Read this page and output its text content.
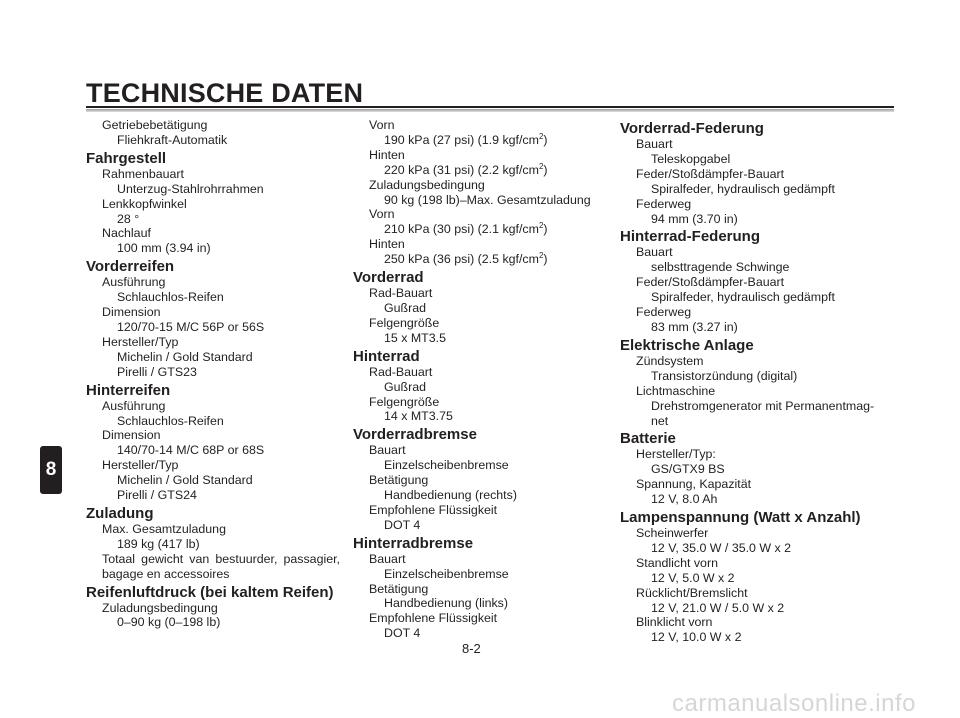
TECHNISCHE DATEN
8
Getriebebetätigung
Fliehkraft-Automatik
Fahrgestell
Rahmenbauart
Unterzug-Stahlrohrrahmen
Lenkkopfwinkel
28 °
Nachlauf
100 mm (3.94 in)
Vorderreifen
Ausführung
Schlauchlos-Reifen
Dimension
120/70-15 M/C 56P or 56S
Hersteller/Typ
Michelin / Gold Standard
Pirelli / GTS23
Hinterreifen
Ausführung
Schlauchlos-Reifen
Dimension
140/70-14 M/C 68P or 68S
Hersteller/Typ
Michelin / Gold Standard
Pirelli / GTS24
Zuladung
Max. Gesamtzuladung
189 kg (417 lb)
Totaal gewicht van bestuurder, passagier, bagage en accessoires
Reifenluftdruck (bei kaltem Reifen)
Zuladungsbedingung
0–90 kg (0–198 lb)
Vorn
190 kPa (27 psi) (1.9 kgf/$cm^2$)
Hinten
220 kPa (31 psi) (2.2 kgf/$cm^2$)
Zuladungsbedingung
90 kg (198 lb)–Max. Gesamtzuladung
Vorn
210 kPa (30 psi) (2.1 kgf/$cm^2$)
Hinten
250 kPa (36 psi) (2.5 kgf/$cm^2$)
Vorderrad
Rad-Bauart
Gußrad
Felgengröße
15 x MT3.5
Hinterrad
Rad-Bauart
Gußrad
Felgengröße
14 x MT3.75
Vorderradbremse
Bauart
Einzelscheibenbremse
Betätigung
Handbedienung (rechts)
Empfohlene Flüssigkeit
DOT 4
Hinterradbremse
Bauart
Einzelscheibenbremse
Betätigung
Handbedienung (links)
Empfohlene Flüssigkeit
DOT 4
Vorderrad-Federung
Bauart
Teleskopgabel
Feder/Stoßdämpfer-Bauart
Spiralfeder, hydraulisch gedämpft
Federweg
94 mm (3.70 in)
Hinterrad-Federung
Bauart
selbsttragende Schwinge
Feder/Stoßdämpfer-Bauart
Spiralfeder, hydraulisch gedämpft
Federweg
83 mm (3.27 in)
Elektrische Anlage
Zündsystem
Transistorzündung (digital)
Lichtmaschine
Drehstromgenerator mit Permanentmag-
net
Batterie
Hersteller/Typ:
GS/GTX9 BS
Spannung, Kapazität
12 V, 8.0 Ah
Lampenspannung (Watt x Anzahl)
Scheinwerfer
12 V, 35.0 W / 35.0 W x 2
Standlicht vorn
12 V, 5.0 W x 2
Rücklicht/Bremslicht
12 V, 21.0 W / 5.0 W x 2
Blinklicht vorn
12 V, 10.0 W x 2
8-2
carmanualsonline.info
